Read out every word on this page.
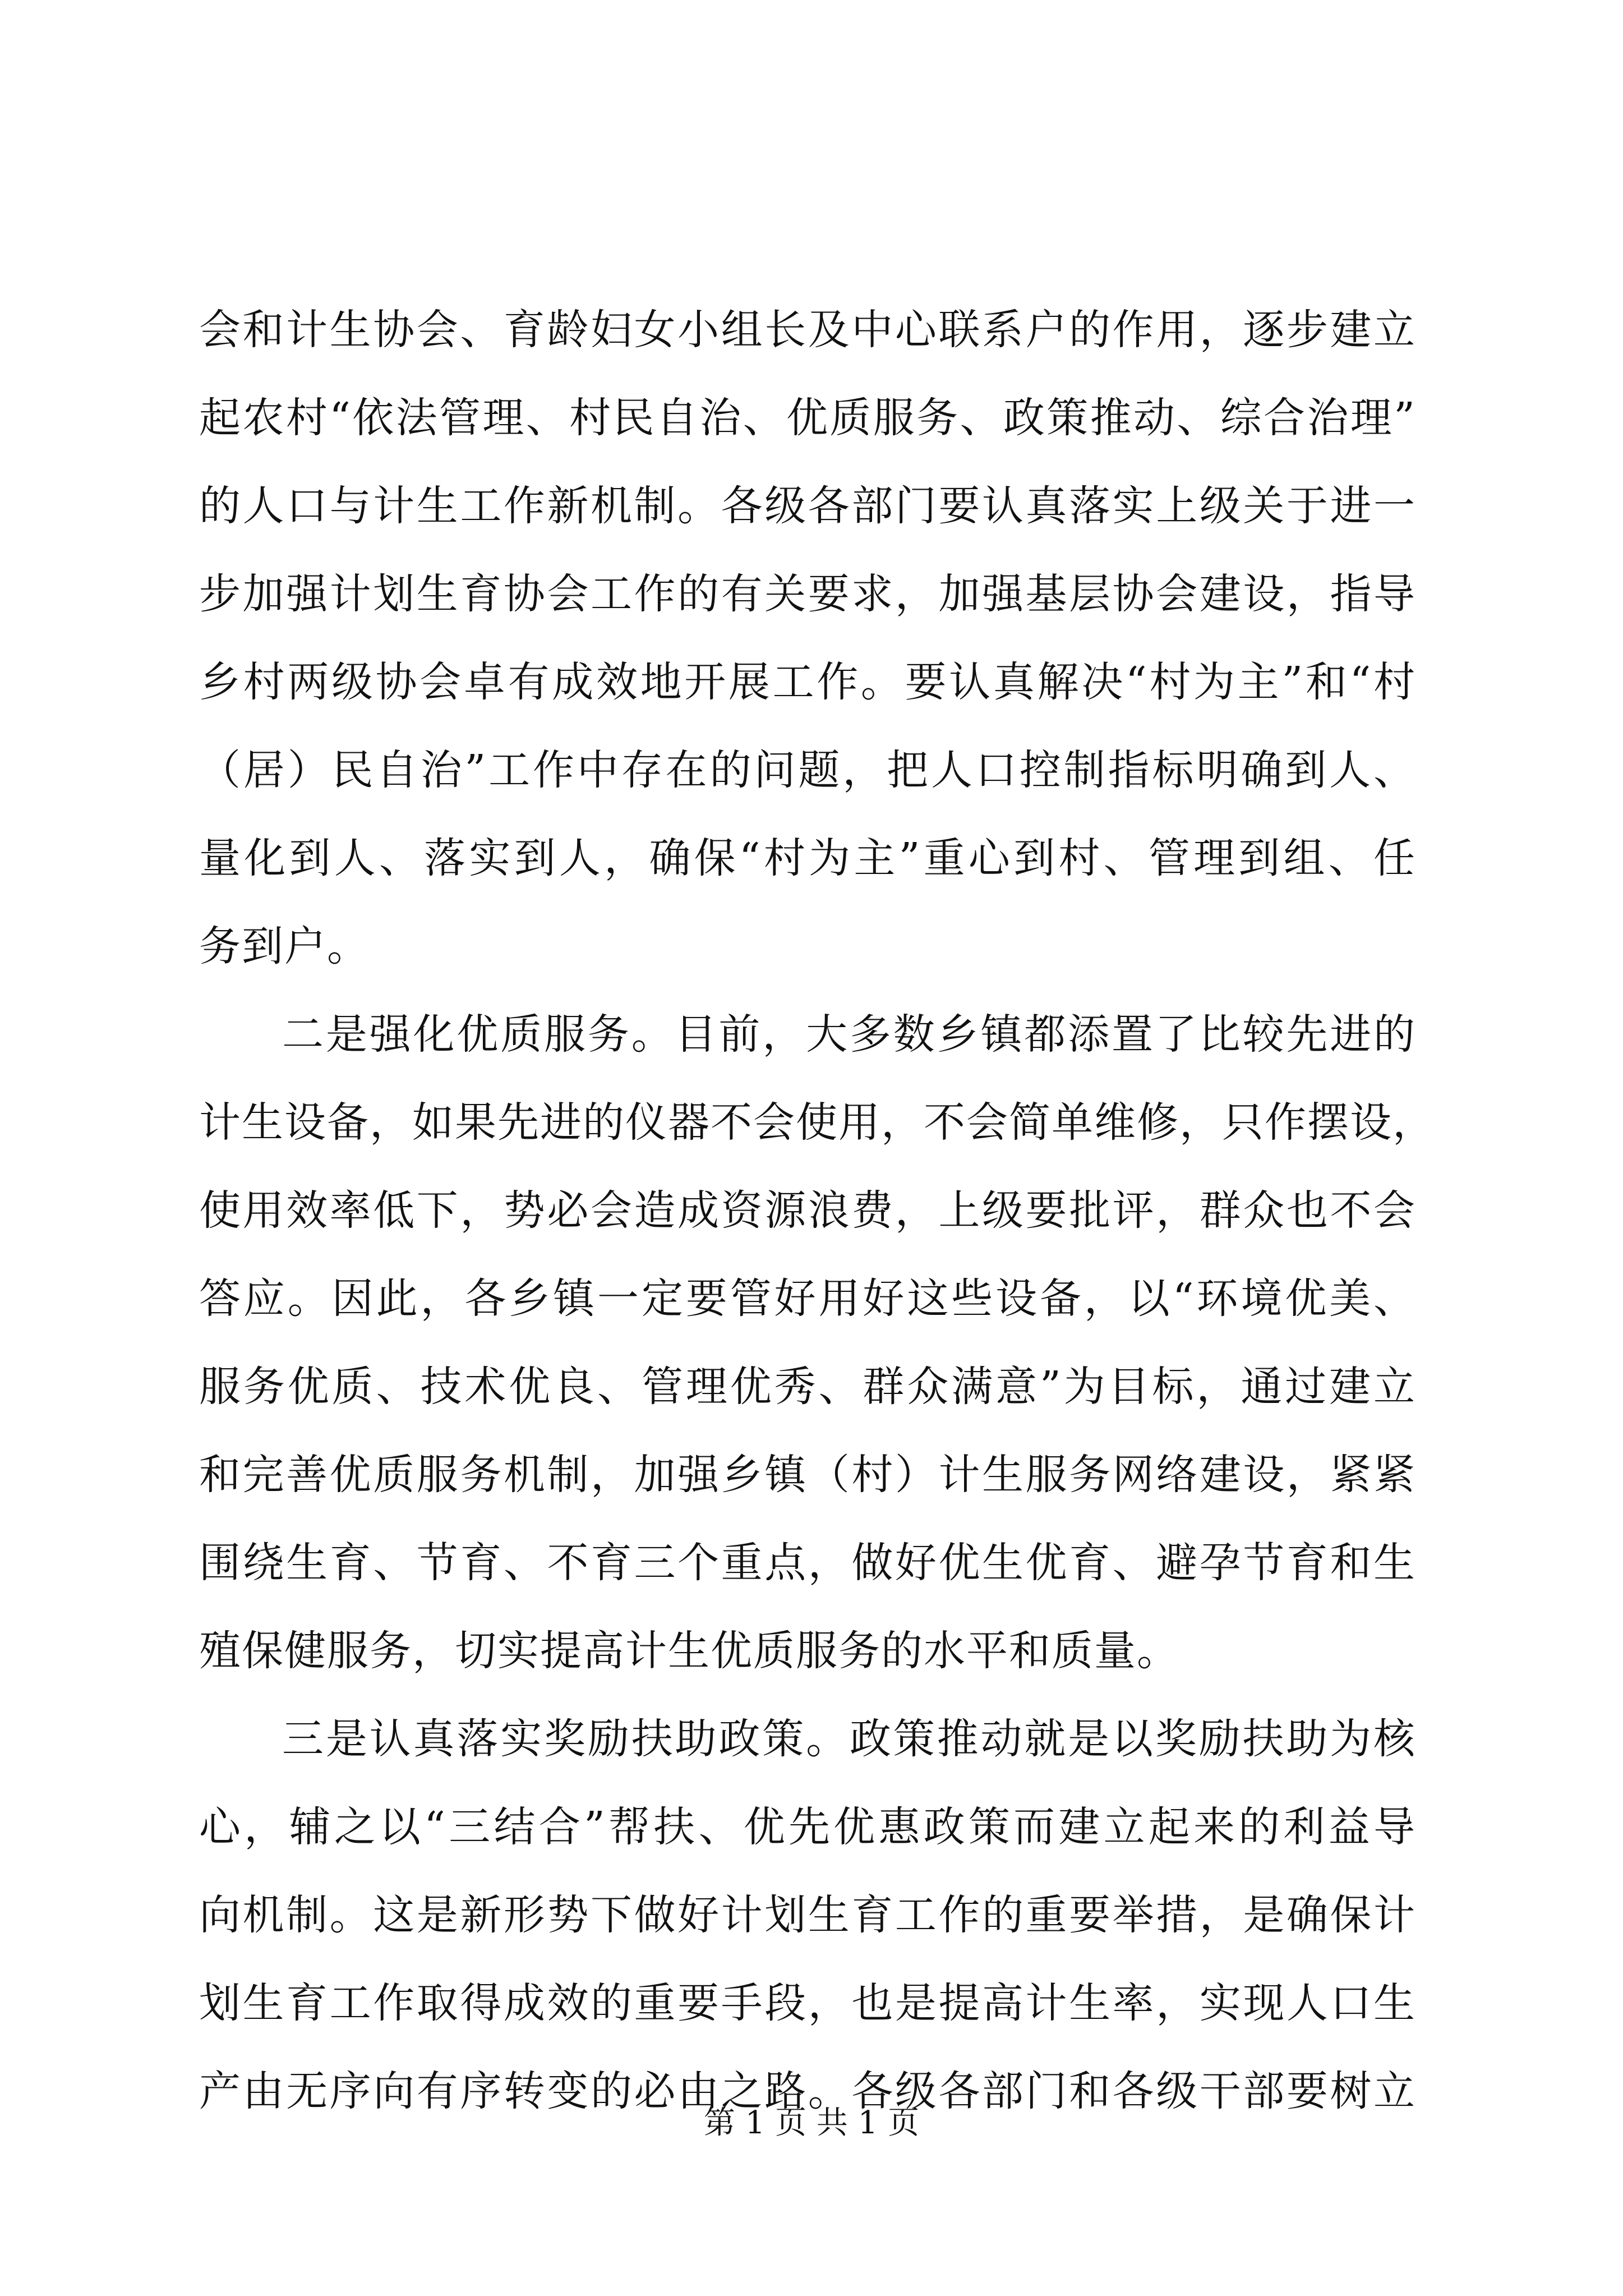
会和计生协会、育龄妇女小组长及中心联系户的作用，逐步建立
起农村“依法管理、村民自治、优质服务、政策推动、综合治理”
的人口与计生工作新机制。各级各部门要认真落实上级关于进一
步加强计划生育协会工作的有关要求，加强基层协会建设，指导
乡村两级协会卓有成效地开展工作。要认真解决“村为主”和“村
（居）民自治”工作中存在的问题，把人口控制指标明确到人、
量化到人、落实到人，确保“村为主”重心到村、管理到组、任
务到户。
二是强化优质服务。目前，大多数乡镇都添置了比较先进的
计生设备，如果先进的仪器不会使用，不会简单维修，只作摆设，
使用效率低下，势必会造成资源浪费，上级要批评，群众也不会
答应。因此，各乡镇一定要管好用好这些设备，以“环境优美、
服务优质、技术优良、管理优秀、群众满意”为目标，通过建立
和完善优质服务机制，加强乡镇（村）计生服务网络建设，紧紧
围绕生育、节育、不育三个重点，做好优生优育、避孕节育和生
殖保健服务，切实提高计生优质服务的水平和质量。
三是认真落实奖励扶助政策。政策推动就是以奖励扶助为核
心，辅之以“三结合”帮扶、优先优惠政策而建立起来的利益导
向机制。这是新形势下做好计划生育工作的重要举措，是确保计
划生育工作取得成效的重要手段，也是提高计生率，实现人口生
产由无序向有序转变的必由之路。各级各部门和各级干部要树立
第 1 页 共 1 页
